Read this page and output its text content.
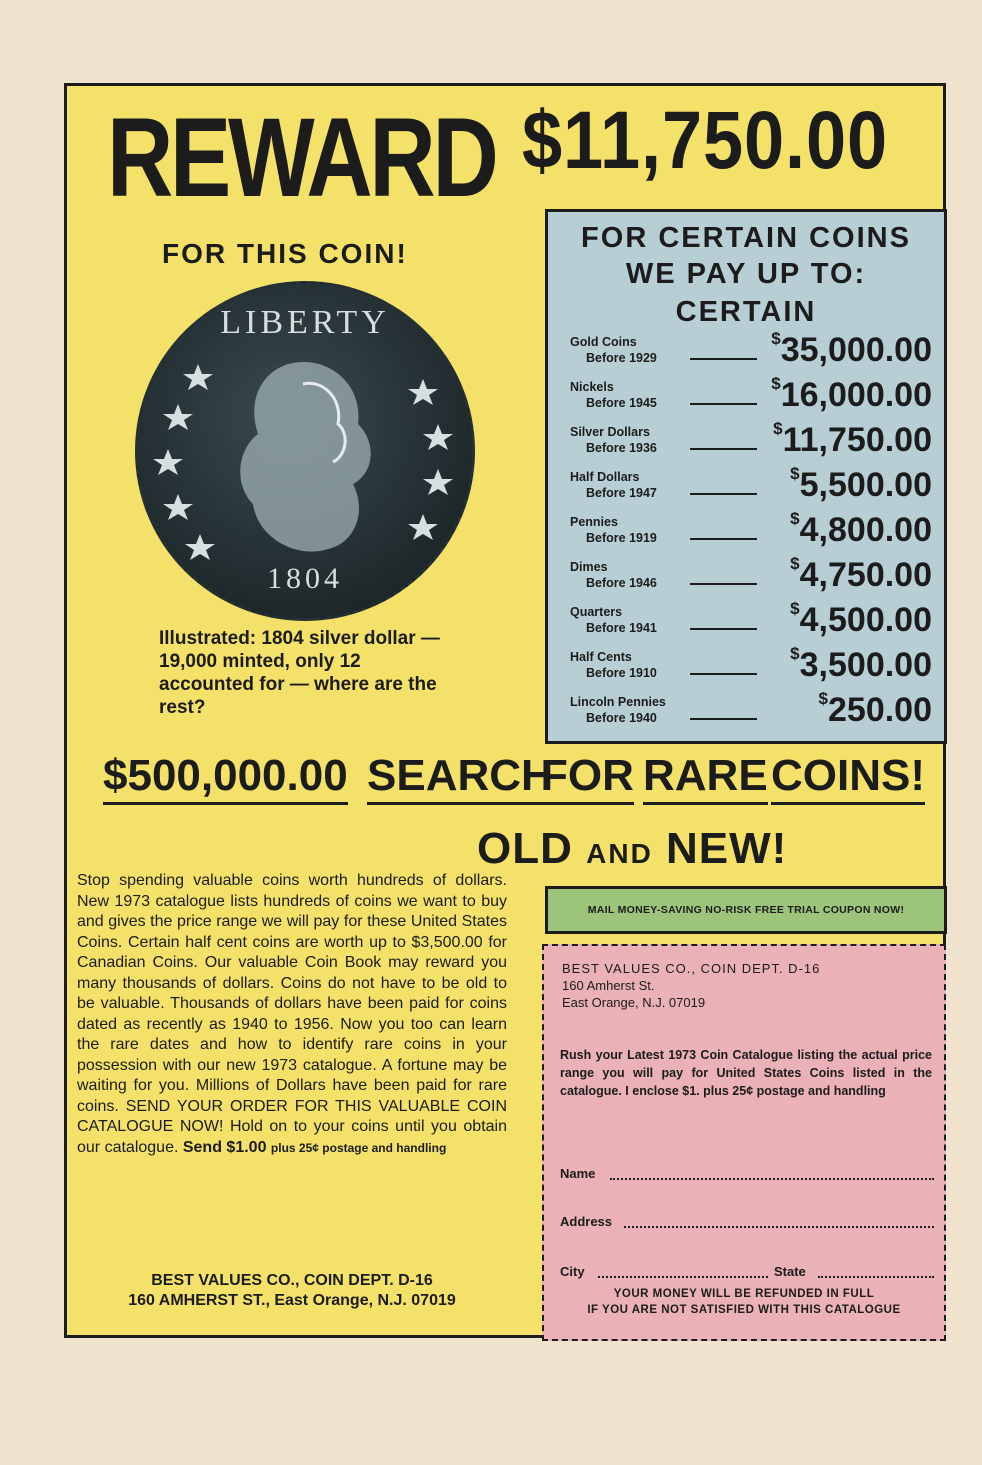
REWARD $11,750.00
FOR THIS COIN!
LIBERTY
1804
Illustrated: 1804 silver dollar — 19,000 minted, only 12 accounted for — where are the rest?
FOR CERTAIN COINS
WE PAY UP TO:
CERTAIN
Gold Coins
Before 1929
$35,000.00
Nickels
Before 1945
$16,000.00
Silver Dollars
Before 1936
$11,750.00
Half Dollars
Before 1947
$5,500.00
Pennies
Before 1919
$4,800.00
Dimes
Before 1946
$4,750.00
Quarters
Before 1941
$4,500.00
Half Cents
Before 1910
$3,500.00
Lincoln Pennies
Before 1940
$250.00
$500,000.00 SEARCH
FOR RARE COINS!
OLD AND NEW!
Stop spending valuable coins worth hundreds of dollars. New 1973 catalogue lists hundreds of coins we want to buy and gives the price range we will pay for these United States Coins. Certain half cent coins are worth up to $3,500.00 for Canadian Coins. Our valuable Coin Book may reward you many thousands of dollars. Coins do not have to be old to be valuable. Thousands of dollars have been paid for coins dated as recently as 1940 to 1956. Now you too can learn the rare dates and how to identify rare coins in your possession with our new 1973 catalogue. A fortune may be waiting for you. Millions of Dollars have been paid for rare coins. SEND YOUR ORDER FOR THIS VALUABLE COIN CATALOGUE NOW! Hold on to your coins until you obtain our catalogue. Send $1.00 plus 25¢ postage and handling
BEST VALUES CO., COIN DEPT. D-16
160 AMHERST ST., East Orange, N.J. 07019
MAIL MONEY-SAVING NO-RISK FREE TRIAL COUPON NOW!
BEST VALUES CO., COIN DEPT. D-16
160 Amherst St.
East Orange, N.J. 07019
Rush your Latest 1973 Coin Catalogue listing the actual price range you will pay for United States Coins listed in the catalogue. I enclose $1. plus 25¢ postage and handling
Name
Address
City	State
YOUR MONEY WILL BE REFUNDED IN FULL
IF YOU ARE NOT SATISFIED WITH THIS CATALOGUE
